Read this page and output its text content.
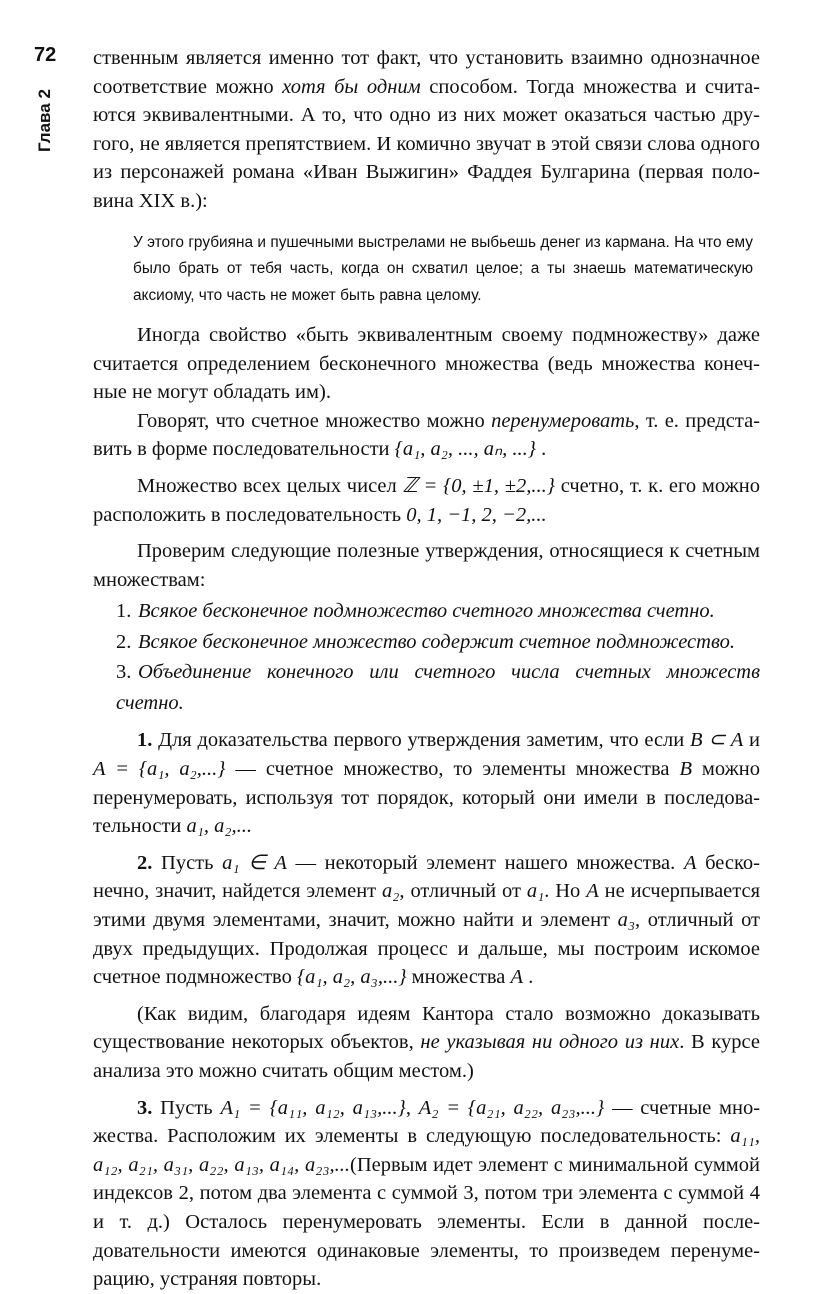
72
Глава 2

ственным является именно тот факт, что установить взаимно однозначное соответствие можно хотя бы одним способом. Тогда множества и считаются эквивалентными. А то, что одно из них может оказаться частью другого, не является препятствием. И комично звучат в этой связи слова одного из персонажей романа «Иван Выжигин» Фаддея Булгарина (первая половина XIX в.):

У этого грубияна и пушечными выстрелами не выбьешь денег из кармана. На что ему было брать от тебя часть, когда он схватил целое; а ты знаешь математическую аксиому, что часть не может быть равна целому.

Иногда свойство «быть эквивалентным своему подмножеству» даже считается определением бесконечного множества (ведь множества конечные не могут обладать им).

Говорят, что счетное множество можно перенумеровать, т. е. представить в форме последовательности {a₁, a₂, ..., aₙ, ...} .

Множество всех целых чисел ℤ = {0, ±1, ±2,...} счетно, т. к. его можно расположить в последовательность 0, 1, −1, 2, −2,...

Проверим следующие полезные утверждения, относящиеся к счетным множествам:

1. Всякое бесконечное подмножество счетного множества счетно.
2. Всякое бесконечное множество содержит счетное подмножество.
3. Объединение конечного или счетного числа счетных множеств счетно.

1. Для доказательства первого утверждения заметим, что если B ⊂ A и A = {a₁, a₂,...} — счетное множество, то элементы множества B можно перенумеровать, используя тот порядок, который они имели в последовательности a₁, a₂,...

2. Пусть a₁ ∈ A — некоторый элемент нашего множества. A бесконечно, значит, найдется элемент a₂, отличный от a₁. Но A не исчерпывается этими двумя элементами, значит, можно найти и элемент a₃, отличный от двух предыдущих. Продолжая процесс и дальше, мы построим искомое счетное подмножество {a₁, a₂, a₃,...} множества A .

(Как видим, благодаря идеям Кантора стало возможно доказывать существование некоторых объектов, не указывая ни одного из них. В курсе анализа это можно считать общим местом.)

3. Пусть A₁ = {a₁₁, a₁₂, a₁₃,...}, A₂ = {a₂₁, a₂₂, a₂₃,...} — счетные множества. Расположим их элементы в следующую последовательность: a₁₁, a₁₂, a₂₁, a₃₁, a₂₂, a₁₃, a₁₄, a₂₃,...(Первым идет элемент с минимальной суммой индексов 2, потом два элемента с суммой 3, потом три элемента с суммой 4 и т. д.) Осталось перенумеровать элементы. Если в данной последовательности имеются одинаковые элементы, то произведем перенумерацию, устраняя повторы.
